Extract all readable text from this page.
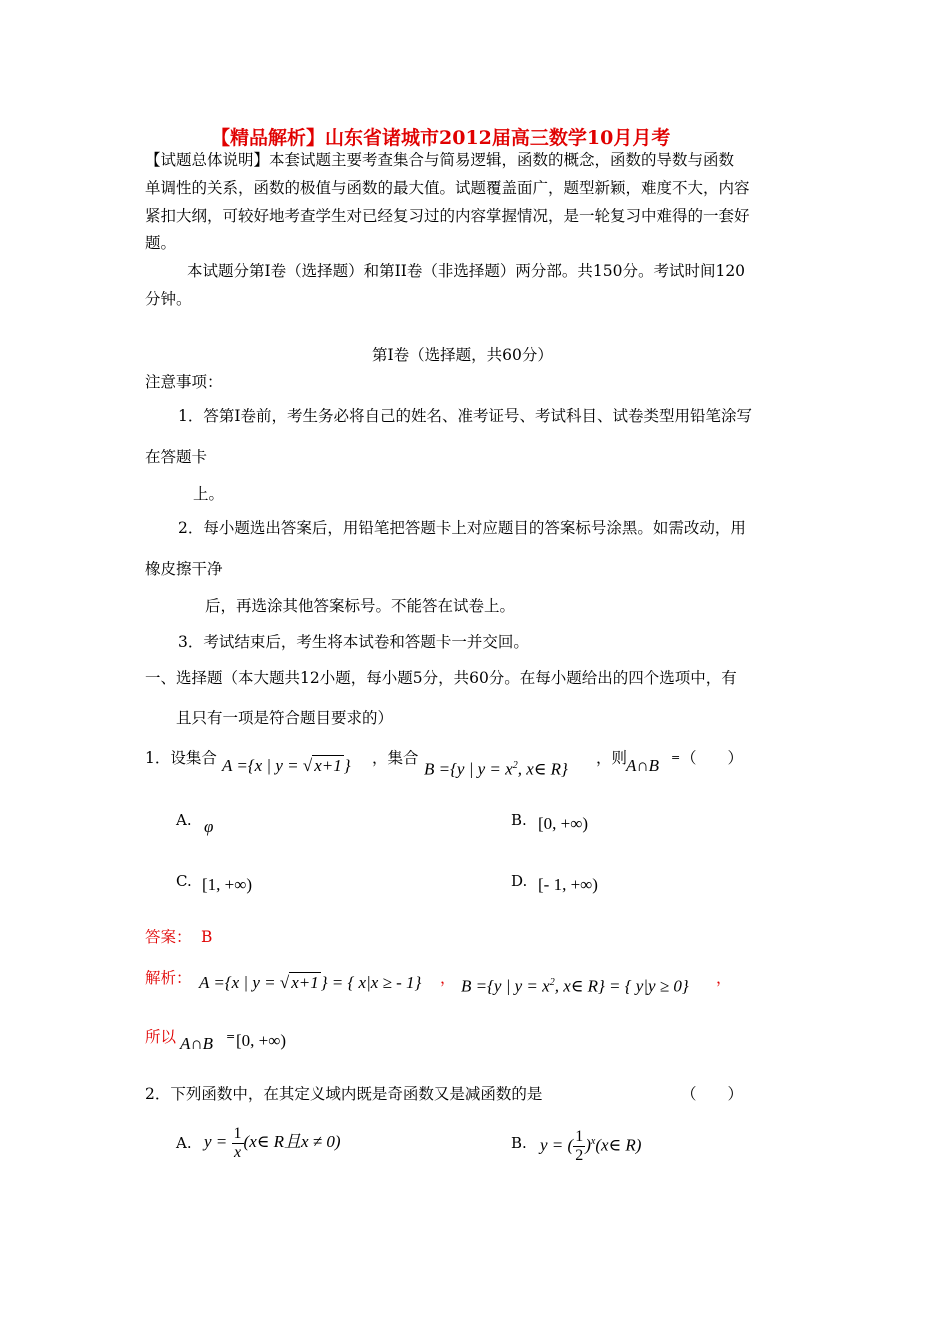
【精品解析】山东省诸城市2012届高三数学10月月考
【试题总体说明】本套试题主要考查集合与简易逻辑，函数的概念，函数的导数与函数
单调性的关系，函数的极值与函数的最大值。试题覆盖面广，题型新颖，难度不大，内容
紧扣大纲，可较好地考查学生对已经复习过的内容掌握情况，是一轮复习中难得的一套好
题。
本试题分第I卷（选择题）和第II卷（非选择题）两分部。共150分。考试时间120
分钟。
第I卷（选择题，共60分）
注意事项：
1．答第I卷前，考生务必将自己的姓名、准考证号、考试科目、试卷类型用铅笔涂写
在答题卡
上。
2．每小题选出答案后，用铅笔把答题卡上对应题目的答案标号涂黑。如需改动，用
橡皮擦干净
后，再选涂其他答案标号。不能答在试卷上。
3．考试结束后，考生将本试卷和答题卡一并交回。
一、选择题（本大题共12小题，每小题5分，共60分。在每小题给出的四个选项中，有
且只有一项是符合题目要求的）
1．设集合 A ={x | y = √ x+1 } ，集合
B ={y | $y = x^2$, x∈ R}
，则
A∩B = （　　）
A. φ	B. [0, +∞)
C. [1, +∞)	D. [- 1, +∞)
答案： B
解析： A ={x | y = √ x+1 } = { x|x ≥ - 1} ， B ={y | $y = x^2$, x∈ R} = { y|y ≥ 0} ，
所以 A∩B = [0, +∞)
2．下列函数中，在其定义域内既是奇函数又是减函数的是	（　　）
A. $y = \frac{1}{x}$ (x∈ R且x ≠ 0)	B. y = ( $\frac{1}{2}$ )$^x$(x∈ R)
